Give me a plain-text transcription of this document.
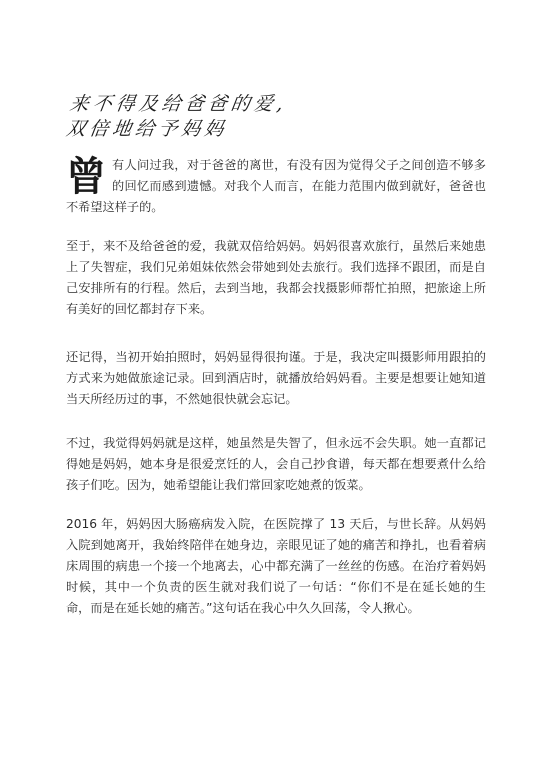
来不得及给爸爸的爱,
双倍地给予妈妈
曾 有人问过我，对于爸爸的离世，有没有因为觉得父子之间创造不够多的回忆而感到遗憾。对我个人而言，在能力范围内做到就好，爸爸也不希望这样子的。
至于，来不及给爸爸的爱，我就双倍给妈妈。妈妈很喜欢旅行，虽然后来她患上了失智症，我们兄弟姐妹依然会带她到处去旅行。我们选择不跟团，而是自己安排所有的行程。然后，去到当地，我都会找摄影师帮忙拍照，把旅途上所有美好的回忆都封存下来。
还记得，当初开始拍照时，妈妈显得很拘谨。于是，我决定叫摄影师用跟拍的方式来为她做旅途记录。回到酒店时，就播放给妈妈看。主要是想要让她知道当天所经历过的事，不然她很快就会忘记。
不过，我觉得妈妈就是这样，她虽然是失智了，但永远不会失职。她一直都记得她是妈妈，她本身是很爱烹饪的人，会自己抄食谱，每天都在想要煮什么给孩子们吃。因为，她希望能让我们常回家吃她煮的饭菜。
2016 年，妈妈因大肠癌病发入院，在医院撑了 13 天后，与世长辞。从妈妈入院到她离开，我始终陪伴在她身边，亲眼见证了她的痛苦和挣扎，也看着病床周围的病患一个接一个地离去，心中都充满了一丝丝的伤感。在治疗着妈妈时候，其中一个负责的医生就对我们说了一句话：“你们不是在延长她的生命，而是在延长她的痛苦。”这句话在我心中久久回荡，令人揪心。
